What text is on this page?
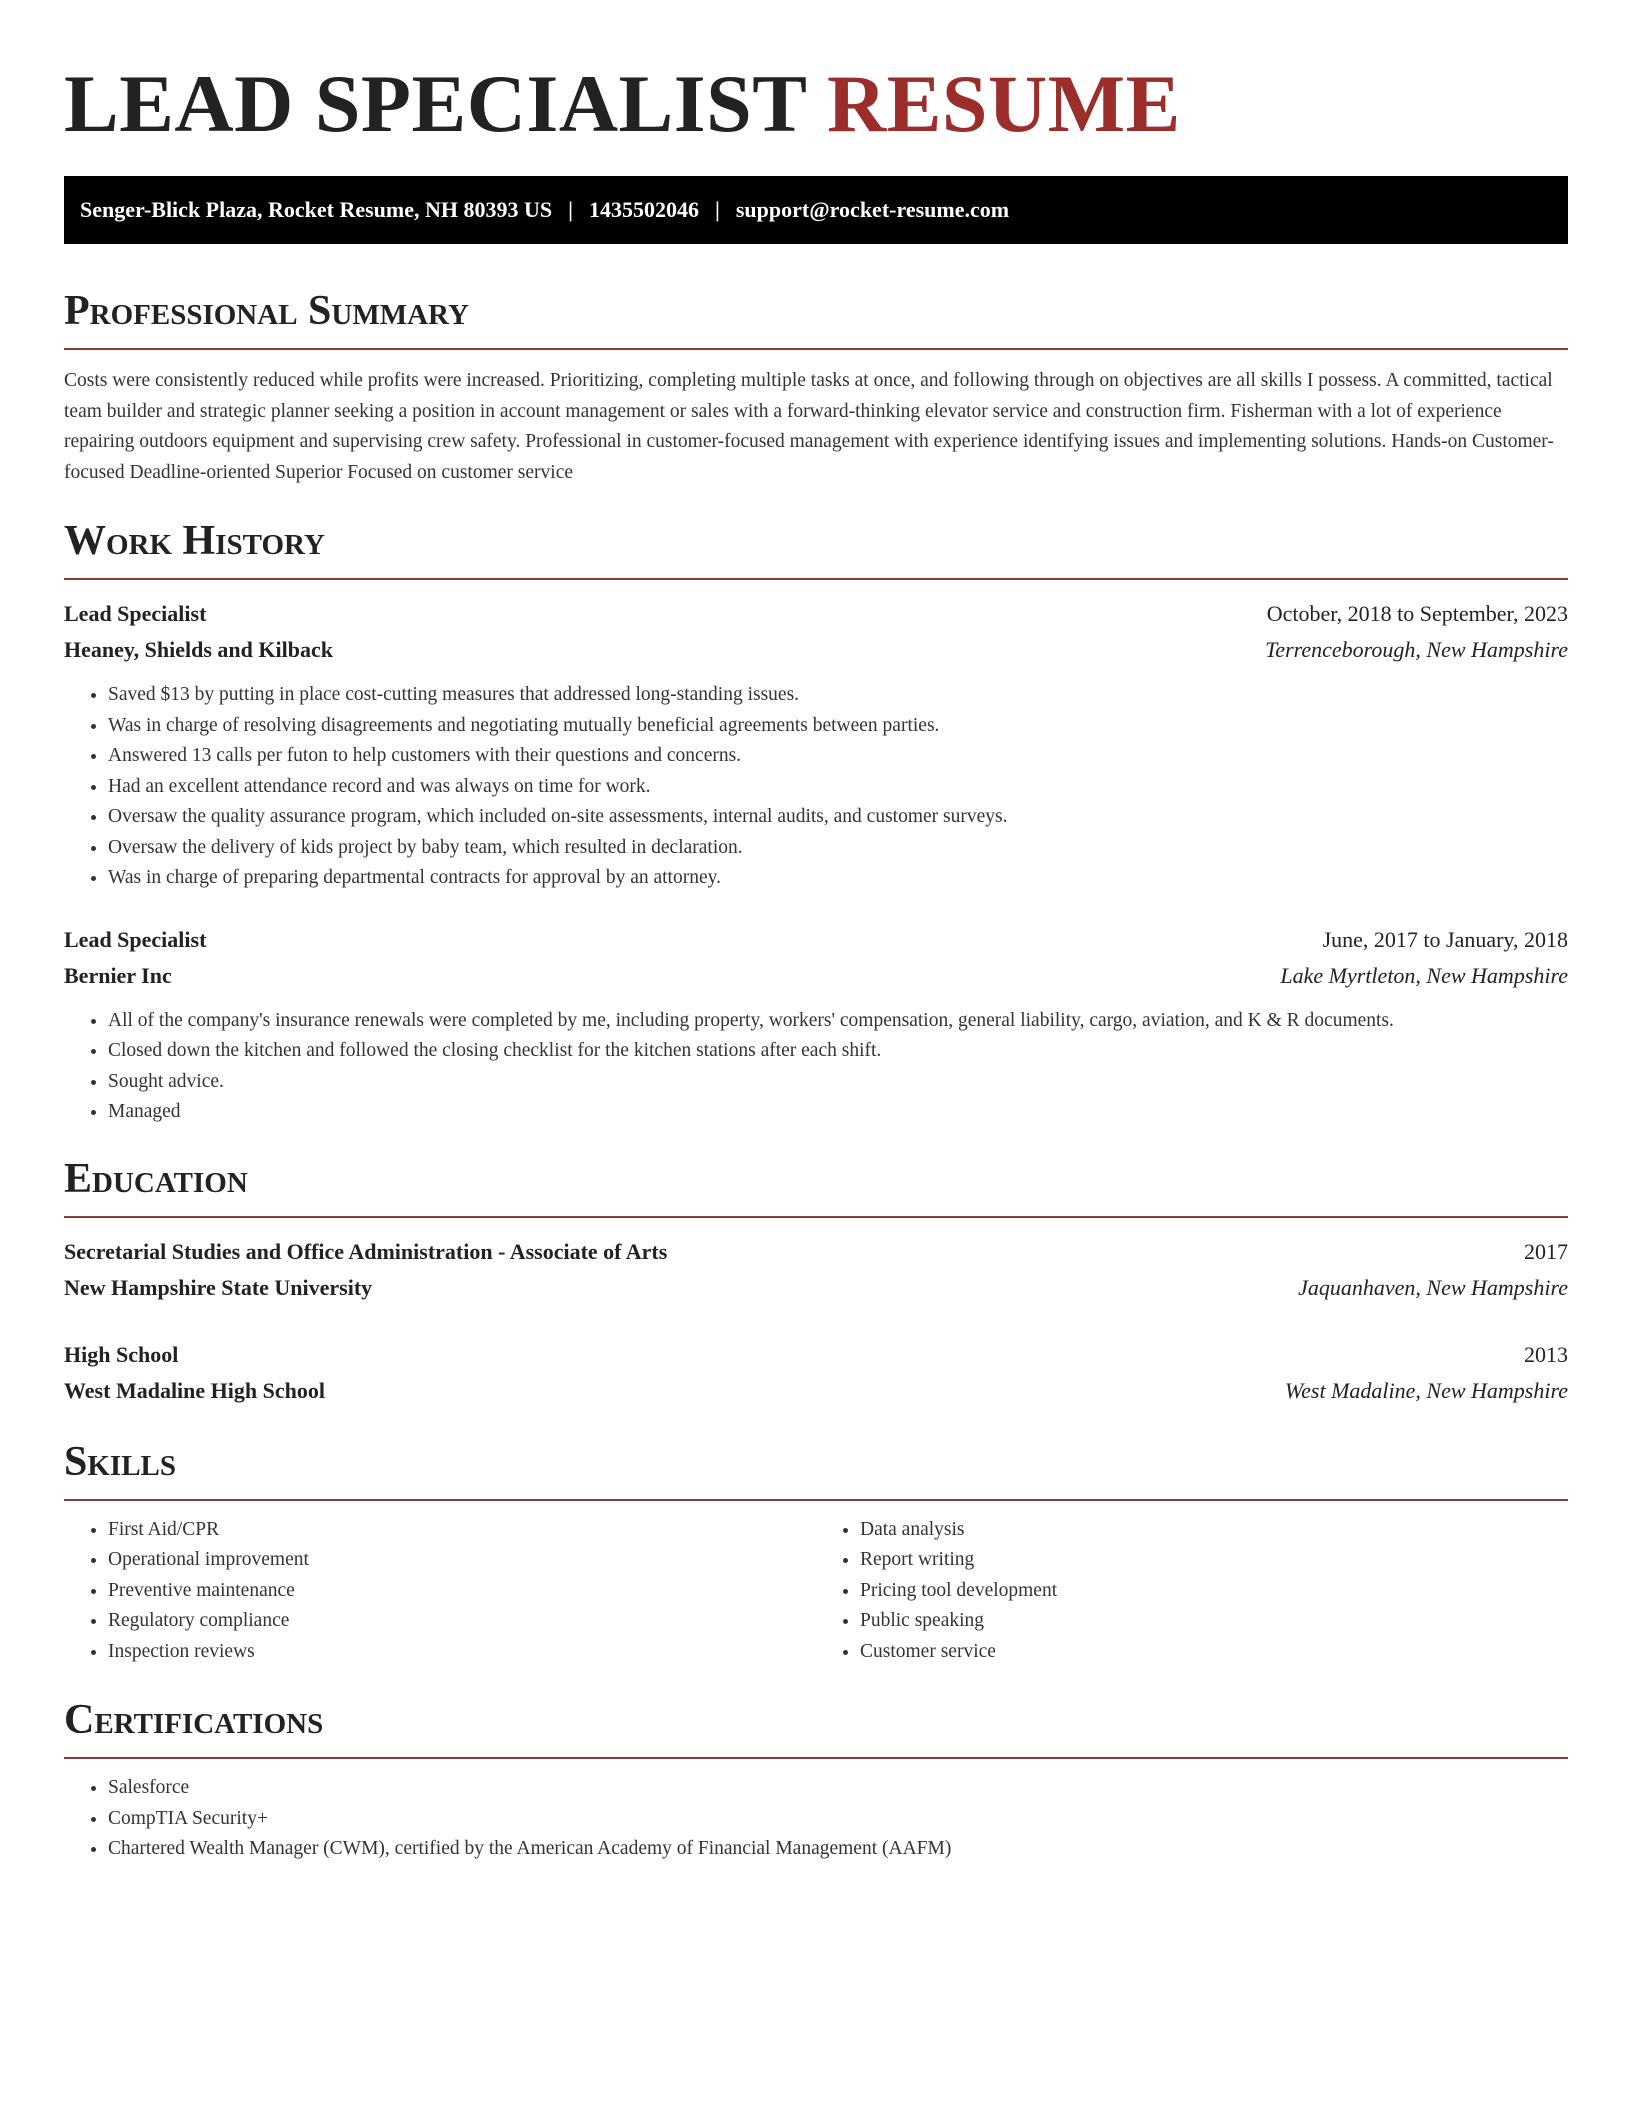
LEAD SPECIALIST RESUME
Senger-Blick Plaza, Rocket Resume, NH 80393 US | 1435502046 | support@rocket-resume.com
Professional Summary

Costs were consistently reduced while profits were increased. Prioritizing, completing multiple tasks at once, and following through on objectives are all skills I possess. A committed, tactical team builder and strategic planner seeking a position in account management or sales with a forward-thinking elevator service and construction firm. Fisherman with a lot of experience repairing outdoors equipment and supervising crew safety. Professional in customer-focused management with experience identifying issues and implementing solutions. Hands-on Customer-focused Deadline-oriented Superior Focused on customer service

Work History
Lead Specialist	October, 2018 to September, 2023
Heaney, Shields and Kilback	Terrenceborough, New Hampshire
• Saved $13 by putting in place cost-cutting measures that addressed long-standing issues.
• Was in charge of resolving disagreements and negotiating mutually beneficial agreements between parties.
• Answered 13 calls per futon to help customers with their questions and concerns.
• Had an excellent attendance record and was always on time for work.
• Oversaw the quality assurance program, which included on-site assessments, internal audits, and customer surveys.
• Oversaw the delivery of kids project by baby team, which resulted in declaration.
• Was in charge of preparing departmental contracts for approval by an attorney.
Lead Specialist	June, 2017 to January, 2018
Bernier Inc	Lake Myrtleton, New Hampshire
• All of the company's insurance renewals were completed by me, including property, workers' compensation, general liability, cargo, aviation, and K & R documents.
• Closed down the kitchen and followed the closing checklist for the kitchen stations after each shift.
• Sought advice.
• Managed
Education
Secretarial Studies and Office Administration - Associate of Arts	2017
New Hampshire State University	Jaquanhaven, New Hampshire
High School	2013
West Madaline High School	West Madaline, New Hampshire
Skills
• First Aid/CPR
• Operational improvement
• Preventive maintenance
• Regulatory compliance
• Inspection reviews
• Data analysis
• Report writing
• Pricing tool development
• Public speaking
• Customer service
Certifications
• Salesforce
• CompTIA Security+
• Chartered Wealth Manager (CWM), certified by the American Academy of Financial Management (AAFM)
